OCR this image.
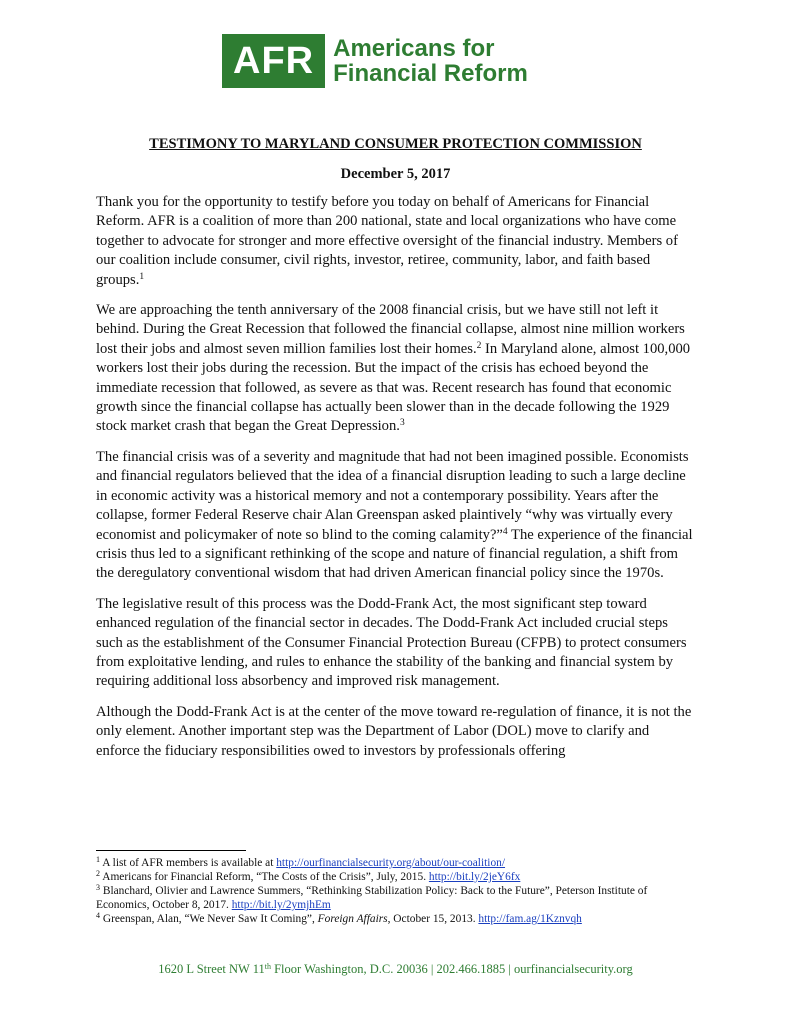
AFR Americans for
Financial Reform
TESTIMONY TO MARYLAND CONSUMER PROTECTION COMMISSION
December 5, 2017

Thank you for the opportunity to testify before you today on behalf of Americans for Financial Reform. AFR is a coalition of more than 200 national, state and local organizations who have come together to advocate for stronger and more effective oversight of the financial industry. Members of our coalition include consumer, civil rights, investor, retiree, community, labor, and faith based groups.$^1$

We are approaching the tenth anniversary of the 2008 financial crisis, but we have still not left it behind. During the Great Recession that followed the financial collapse, almost nine million workers lost their jobs and almost seven million families lost their homes.$^2$ In Maryland alone, almost 100,000 workers lost their jobs during the recession. But the impact of the crisis has echoed beyond the immediate recession that followed, as severe as that was. Recent research has found that economic growth since the financial collapse has actually been slower than in the decade following the 1929 stock market crash that began the Great Depression.$^3$

The financial crisis was of a severity and magnitude that had not been imagined possible. Economists and financial regulators believed that the idea of a financial disruption leading to such a large decline in economic activity was a historical memory and not a contemporary possibility. Years after the collapse, former Federal Reserve chair Alan Greenspan asked plaintively “why was virtually every economist and policymaker of note so blind to the coming calamity?”$^4$ The experience of the financial crisis thus led to a significant rethinking of the scope and nature of financial regulation, a shift from the deregulatory conventional wisdom that had driven American financial policy since the 1970s.

The legislative result of this process was the Dodd-Frank Act, the most significant step toward enhanced regulation of the financial sector in decades. The Dodd-Frank Act included crucial steps such as the establishment of the Consumer Financial Protection Bureau (CFPB) to protect consumers from exploitative lending, and rules to enhance the stability of the banking and financial system by requiring additional loss absorbency and improved risk management.

Although the Dodd-Frank Act is at the center of the move toward re-regulation of finance, it is not the only element. Another important step was the Department of Labor (DOL) move to clarify and enforce the fiduciary responsibilities owed to investors by professionals offering

$^1$ A list of AFR members is available at http://ourfinancialsecurity.org/about/our-coalition/
$^2$ Americans for Financial Reform, “The Costs of the Crisis”, July, 2015. http://bit.ly/2jeY6fx
$^3$ Blanchard, Olivier and Lawrence Summers, “Rethinking Stabilization Policy: Back to the Future”, Peterson Institute of Economics, October 8, 2017. http://bit.ly/2ymjhEm
$^4$ Greenspan, Alan, “We Never Saw It Coming”, Foreign Affairs, October 15, 2013. http://fam.ag/1Kznvqh
1620 L Street NW 11th Floor Washington, D.C. 20036 | 202.466.1885 | ourfinancialsecurity.org
